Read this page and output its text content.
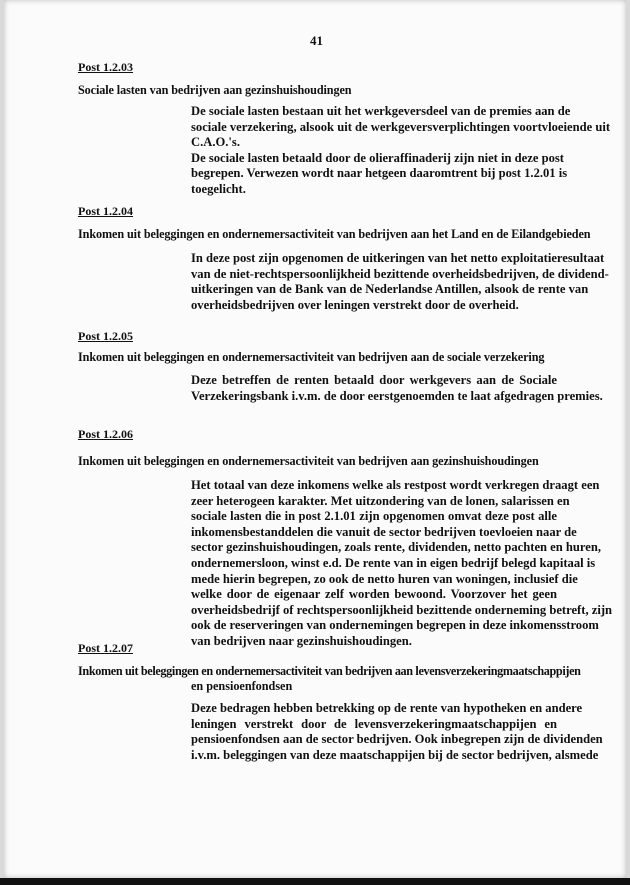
41
Post 1.2.03
Sociale lasten van bedrijven aan gezinshuishoudingen
De sociale lasten bestaan uit het werkgeversdeel van de premies aan de
sociale verzekering, alsook uit de werkgeversverplichtingen voortvloeiende uit
C.A.O.'s.
De sociale lasten betaald door de olieraffinaderij zijn niet in deze post
begrepen. Verwezen wordt naar hetgeen daaromtrent bij post 1.2.01 is
toegelicht.
Post 1.2.04
Inkomen uit beleggingen en ondernemersactiviteit van bedrijven aan het Land en de Eilandgebieden
In deze post zijn opgenomen de uitkeringen van het netto exploitatieresultaat
van de niet-rechtspersoonlijkheid bezittende overheidsbedrijven, de dividend-
uitkeringen van de Bank van de Nederlandse Antillen, alsook de rente van
overheidsbedrijven over leningen verstrekt door de overheid.
Post 1.2.05
Inkomen uit beleggingen en ondernemersactiviteit van bedrijven aan de sociale verzekering
Deze betreffen de renten betaald door werkgevers aan de Sociale
Verzekeringsbank i.v.m. de door eerstgenoemden te laat afgedragen premies.
Post 1.2.06
Inkomen uit beleggingen en ondernemersactiviteit van bedrijven aan gezinshuishoudingen
Het totaal van deze inkomens welke als restpost wordt verkregen draagt een
zeer heterogeen karakter. Met uitzondering van de lonen, salarissen en
sociale lasten die in post 2.1.01 zijn opgenomen omvat deze post alle
inkomensbestanddelen die vanuit de sector bedrijven toevloeien naar de
sector gezinshuishoudingen, zoals rente, dividenden, netto pachten en huren,
ondernemersloon, winst e.d. De rente van in eigen bedrijf belegd kapitaal is
mede hierin begrepen, zo ook de netto huren van woningen, inclusief die
welke door de eigenaar zelf worden bewoond. Voorzover het geen
overheidsbedrijf of rechtspersoonlijkheid bezittende onderneming betreft, zijn
ook de reserveringen van ondernemingen begrepen in deze inkomensstroom
van bedrijven naar gezinshuishoudingen.
Post 1.2.07
Inkomen uit beleggingen en ondernemersactiviteit van bedrijven aan levensverzekeringmaatschappijen
en pensioenfondsen
Deze bedragen hebben betrekking op de rente van hypotheken en andere
leningen verstrekt door de levensverzekeringmaatschappijen en
pensioenfondsen aan de sector bedrijven. Ook inbegrepen zijn de dividenden
i.v.m. beleggingen van deze maatschappijen bij de sector bedrijven, alsmede
